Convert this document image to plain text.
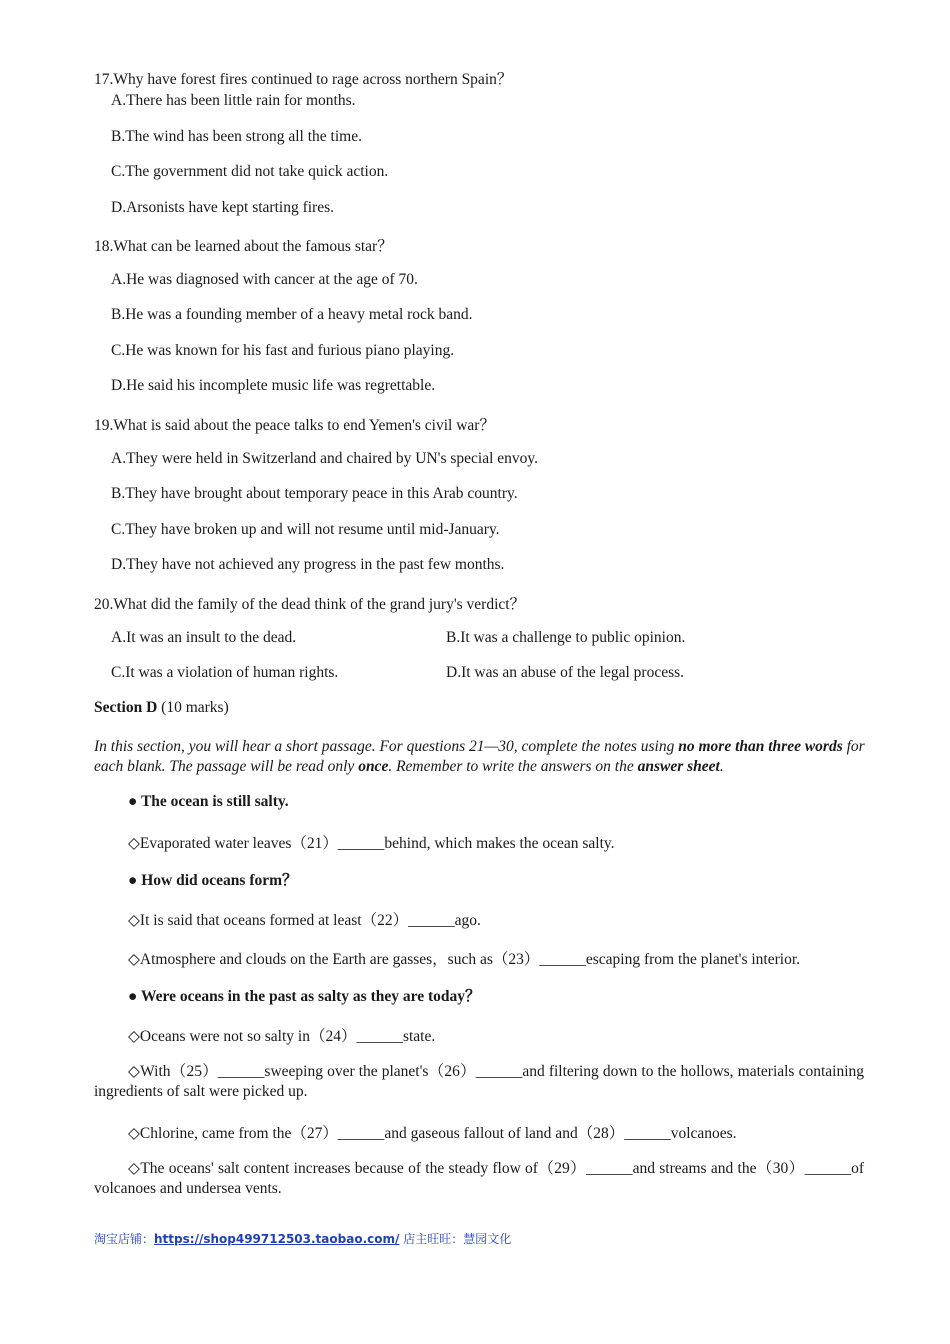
17.Why have forest fires continued to rage across northern Spain？
A.There has been little rain for months.
B.The wind has been strong all the time.
C.The government did not take quick action.
D.Arsonists have kept starting fires.
18.What can be learned about the famous star？
A.He was diagnosed with cancer at the age of 70.
B.He was a founding member of a heavy metal rock band.
C.He was known for his fast and furious piano playing.
D.He said his incomplete music life was regrettable.
19.What is said about the peace talks to end Yemen's civil war？
A.They were held in Switzerland and chaired by UN's special envoy.
B.They have brought about temporary peace in this Arab country.
C.They have broken up and will not resume until mid-January.
D.They have not achieved any progress in the past few months.
20.What did the family of the dead think of the grand jury's verdict？
A.It was an insult to the dead.	B.It was a challenge to public opinion.
C.It was a violation of human rights.	D.It was an abuse of the legal process.
Section D (10 marks)
In this section, you will hear a short passage. For questions 21—30, complete the notes using no more than three words for each blank. The passage will be read only once. Remember to write the answers on the answer sheet.
● The ocean is still salty.
◇Evaporated water leaves（21）______behind, which makes the ocean salty.
● How did oceans form？
◇It is said that oceans formed at least（22）______ago.
◇Atmosphere and clouds on the Earth are gasses，such as（23）______escaping from the planet's interior.
● Were oceans in the past as salty as they are today？
◇Oceans were not so salty in（24）______state.
◇With（25）______sweeping over the planet's（26）______and filtering down to the hollows, materials containing ingredients of salt were picked up.
◇Chlorine, came from the（27）______and gaseous fallout of land and（28）______volcanoes.
◇The oceans' salt content increases because of the steady flow of（29）______and streams and the（30）______of volcanoes and undersea vents.
淘宝店铺：https://shop499712503.taobao.com/ 店主旺旺：慧园文化
